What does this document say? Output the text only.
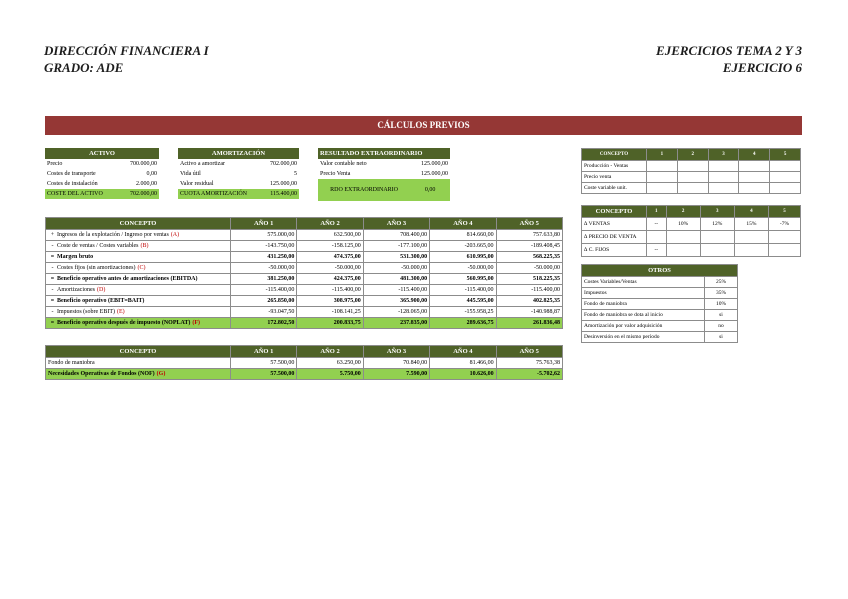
DIRECCIÓN FINANCIERA I
GRADO: ADE
EJERCICIOS TEMA 2 Y 3
EJERCICIO 6
CÁLCULOS PREVIOS
ACTIVO	
Precio	700.000,00
Costes de transporte	0,00
Costes de instalación	2.000,00
COSTE DEL ACTIVO	702.000,00
AMORTIZACIÓN	
Activo a amortizar	702.000,00
Vida útil	5
Valor residual	125.000,00
CUOTA AMORTIZACIÓN	115.400,00
RESULTADO EXTRAORDINARIO	
Valor contable neto	125.000,00
Precio Venta	125.000,00
RDO EXTRAORDINARIO	0,00
CONCEPTO	1	2	3	4	5
Producción - Ventas					
Precio venta					
Coste variable unit.					
CONCEPTO	1	2	3	4	5
∆ VENTAS	--	10%	12%	15%	-7%
∆ PRECIO DE VENTA					
∆ C. FIJOS	--				
OTROS	
Costes Variables/Ventas	25%
Impuestos	35%
Fondo de maniobra	10%
Fondo de maniobra se dota al inicio	si
Amortización por valor adquisición	no
Desinversión en el mismo período	si
CONCEPTO	AÑO 1	AÑO 2	AÑO 3	AÑO 4	AÑO 5
+ Ingresos de la explotación / Ingreso por ventas (A)	575.000,00	632.500,00	708.400,00	814.660,00	757.633,80
- Coste de ventas / Costes variables (B)	-143.750,00	-158.125,00	-177.100,00	-203.665,00	-189.408,45
= Margen bruto	431.250,00	474.375,00	531.300,00	610.995,00	568.225,35
- Costes fijos (sin amortizaciones) (C)	-50.000,00	-50.000,00	-50.000,00	-50.000,00	-50.000,00
= Beneficio operativo antes de amortizaciones (EBITDA)	381.250,00	424.375,00	481.300,00	560.995,00	518.225,35
- Amortizaciones (D)	-115.400,00	-115.400,00	-115.400,00	-115.400,00	-115.400,00
= Beneficio operativo (EBIT=BAIT)	265.850,00	308.975,00	365.900,00	445.595,00	402.825,35
- Impuestos (sobre EBIT) (E)	-93.047,50	-108.141,25	-128.065,00	-155.958,25	-140.988,87
= Beneficio operativo después de impuesto (NOPLAT) (F)	172.802,50	200.833,75	237.835,00	289.636,75	261.836,48
CONCEPTO	AÑO 1	AÑO 2	AÑO 3	AÑO 4	AÑO 5
Fondo de maniobra	57.500,00	63.250,00	70.840,00	81.466,00	75.763,38
Necesidades Operativas de Fondos (NOF) (G)	57.500,00	5.750,00	7.590,00	10.626,00	-5.702,62
